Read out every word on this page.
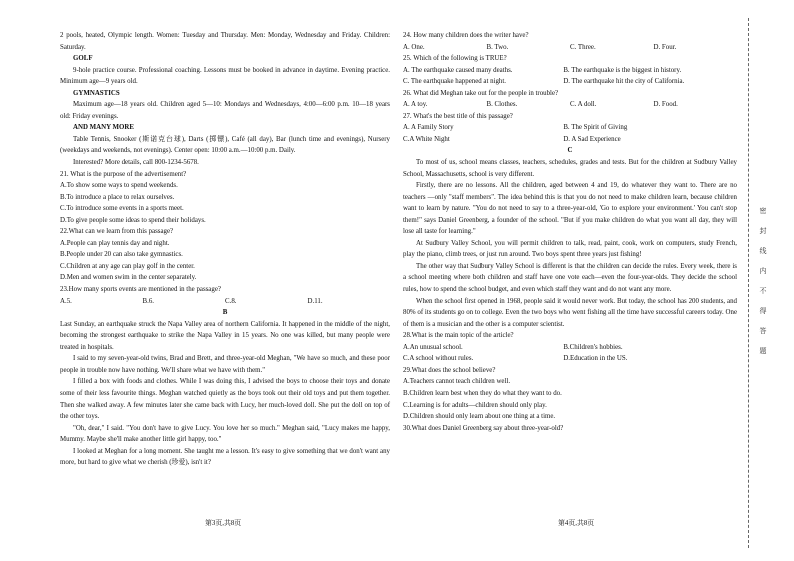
2 pools, heated, Olympic length. Women: Tuesday and Thursday. Men: Monday, Wednesday and Friday. Children: Saturday.

GOLF

9-hole practice course. Professional coaching. Lessons must be booked in advance in daytime. Evening practice. Minimum age—9 years old.

GYMNASTICS

Maximum age—18 years old. Children aged 5—10: Mondays and Wednesdays, 4:00—6:00 p.m. 10—18 years old: Friday evenings.

AND MANY MORE

Table Tennis, Snooker (斯诺克台球), Darts (掷镖), Café (all day), Bar (lunch time and evenings), Nursery (weekdays and weekends, not evenings). Center open: 10:00 a.m.—10:00 p.m. Daily.

Interested? More details, call 800-1234-5678.

21. What is the purpose of the advertisement?

A.To show some ways to spend weekends.

B.To introduce a place to relax ourselves.

C.To introduce some events in a sports meet.

D.To give people some ideas to spend their holidays.

22.What can we learn from this passage?

A.People can play tennis day and night.

B.People under 20 can also take gymnastics.

C.Children at any age can play golf in the center.

D.Men and women swim in the center separately.

23.How many sports events are mentioned in the passage?

A.5.	B.6.	C.8.	D.11.

B

Last Sunday, an earthquake struck the Napa Valley area of northern California. It happened in the middle of the night, becoming the strongest earthquake to strike the Napa Valley in 15 years. No one was killed, but many people were treated in hospitals.

I said to my seven-year-old twins, Brad and Brett, and three-year-old Meghan, "We have so much, and these poor people in trouble now have nothing. We'll share what we have with them."

I filled a box with foods and clothes. While I was doing this, I advised the boys to choose their toys and donate some of their less favourite things. Meghan watched quietly as the boys took out their old toys and put them together. Then she walked away. A few minutes later she came back with Lucy, her much-loved doll. She put the doll on top of the other toys.

"Oh, dear," I said. "You don't have to give Lucy. You love her so much." Meghan said, "Lucy makes me happy, Mummy. Maybe she'll make another little girl happy, too."

I looked at Meghan for a long moment. She taught me a lesson. It's easy to give something that we don't want any more, but hard to give what we cherish (珍爱), isn't it?

24. How many children does the writer have?

A. One.	B. Two.	C. Three.	D. Four.

25. Which of the following is TRUE?

A. The earthquake caused many deaths.	B. The earthquake is the biggest in history.
C. The earthquake happened at night.	D. The earthquake hit the city of California.

26. What did Meghan take out for the people in trouble?

A. A toy.	B. Clothes.	C. A doll.	D. Food.

27. What's the best title of this passage?

A. A Family Story	B. The Spirit of Giving
C.A White Night	D. A Sad Experience

C

To most of us, school means classes, teachers, schedules, grades and tests. But for the children at Sudbury Valley School, Massachusetts, school is very different.

Firstly, there are no lessons. All the children, aged between 4 and 19, do whatever they want to. There are no teachers —only "staff members". The idea behind this is that you do not need to make children learn, because children want to learn by nature. "You do not need to say to a three-year-old, 'Go to explore your environment.' You can't stop them!" says Daniel Greenberg, a founder of the school. "But if you make children do what you want all day, they will lose all taste for learning."

At Sudbury Valley School, you will permit children to talk, read, paint, cook, work on computers, study French, play the piano, climb trees, or just run around. Two boys spent three years just fishing!

The other way that Sudbury Valley School is different is that the children can decide the rules. Every week, there is a school meeting where both children and staff have one vote each—even the four-year-olds. They decide the school rules, how to spend the school budget, and even which staff they want and do not want any more.

When the school first opened in 1968, people said it would never work. But today, the school has 200 students, and 80% of its students go on to college. Even the two boys who went fishing all the time have successful careers today. One of them is a musician and the other is a computer scientist.

28.What is the main topic of the article?

A.An unusual school.	B.Children's hobbies.
C.A school without rules.	D.Education in the US.

29.What does the school believe?

A.Teachers cannot teach children well.

B.Children learn best when they do what they want to do.

C.Learning is for adults—children should only play.

D.Children should only learn about one thing at a time.

30.What does Daniel Greenberg say about three-year-old?

第3页,共8页	第4页,共8页
密
封
线
内
不
得
答
题
